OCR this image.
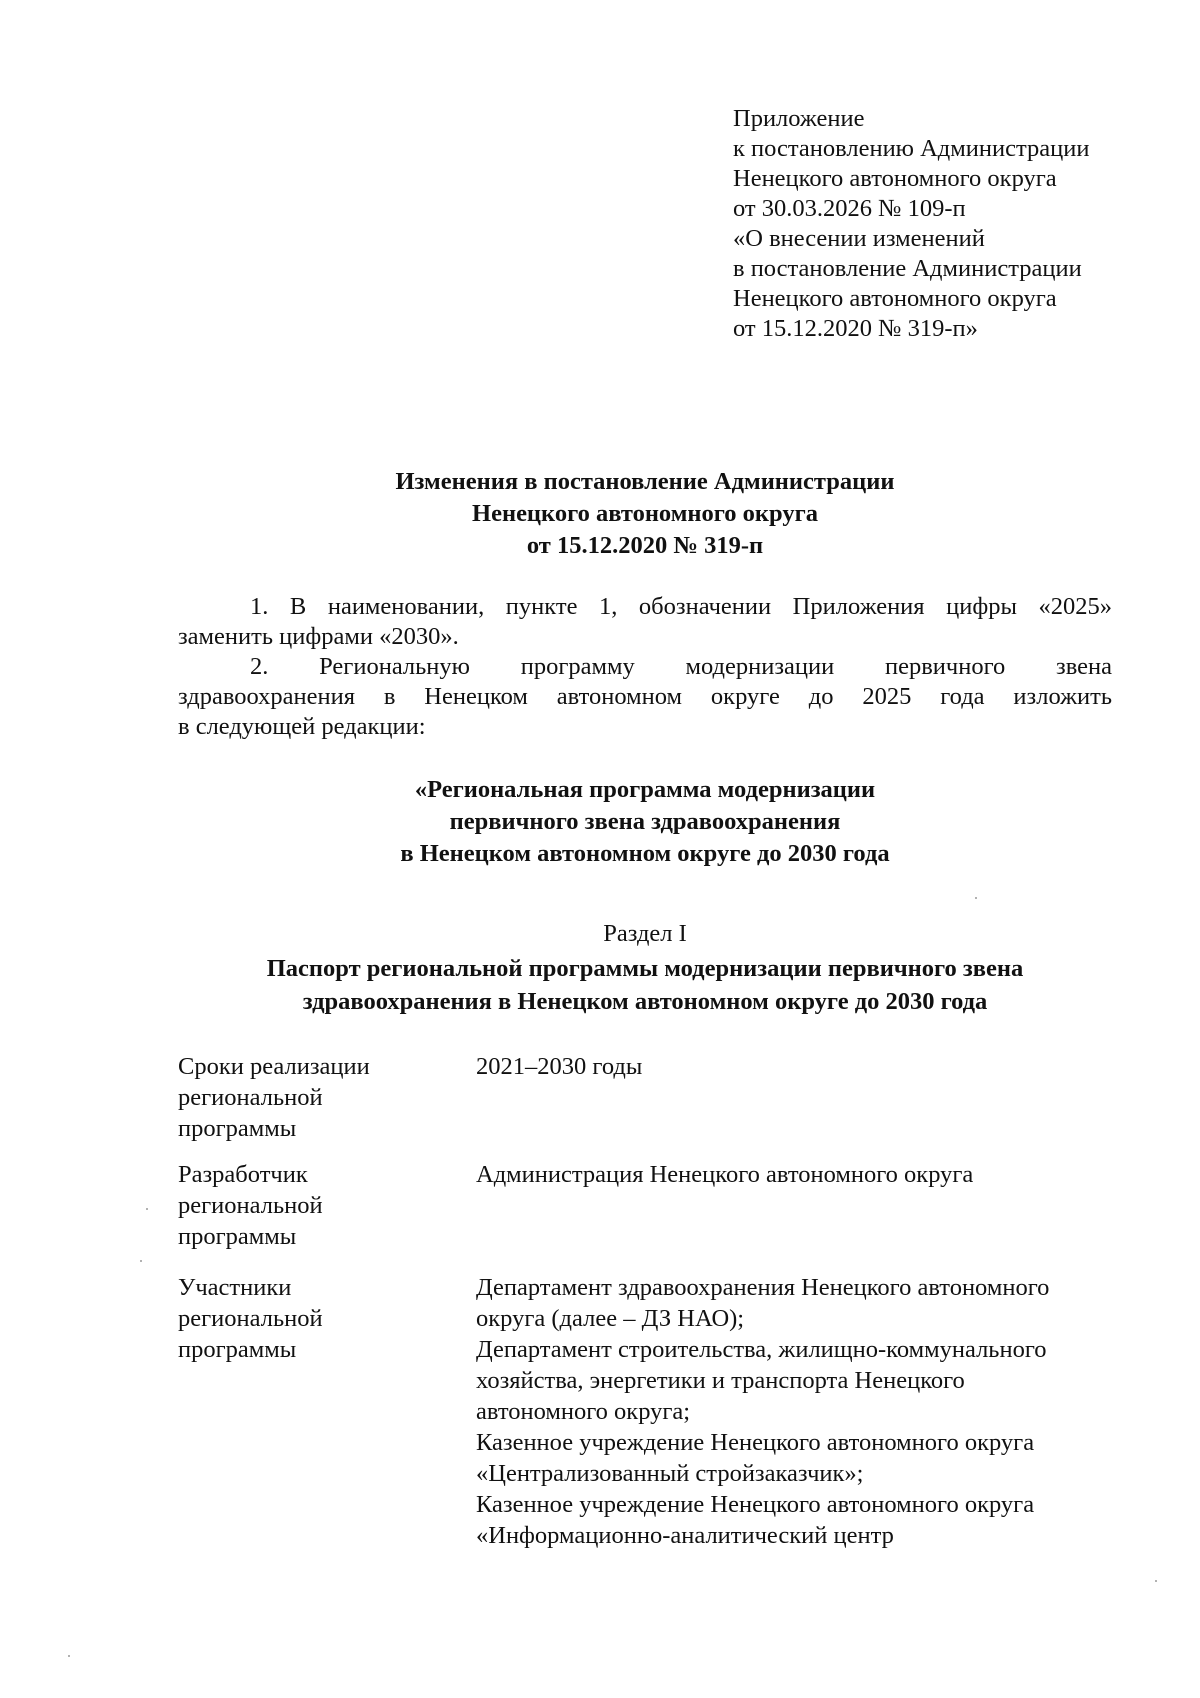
Приложение
к постановлению Администрации
Ненецкого автономного округа
от 30.03.2026 № 109-п
«О внесении изменений
в постановление Администрации
Ненецкого автономного округа
от 15.12.2020 № 319-п»
Изменения в постановление Администрации
Ненецкого автономного округа
от 15.12.2020 № 319-п
1. В наименовании, пункте 1, обозначении Приложения цифры «2025»
заменить цифрами «2030».
2. Региональную программу модернизации первичного звена
здравоохранения в Ненецком автономном округе до 2025 года изложить
в следующей редакции:
«Региональная программа модернизации
первичного звена здравоохранения
в Ненецком автономном округе до 2030 года
Раздел I
Паспорт региональной программы модернизации первичного звена
здравоохранения в Ненецком автономном округе до 2030 года
Сроки реализации
региональной
программы
2021–2030 годы
Разработчик
региональной
программы
Администрация Ненецкого автономного округа
Участники
региональной
программы
Департамент здравоохранения Ненецкого автономного
округа (далее – ДЗ НАО);
Департамент строительства, жилищно-коммунального
хозяйства, энергетики и транспорта Ненецкого
автономного округа;
Казенное учреждение Ненецкого автономного округа
«Централизованный стройзаказчик»;
Казенное учреждение Ненецкого автономного округа
«Информационно-аналитический центр
